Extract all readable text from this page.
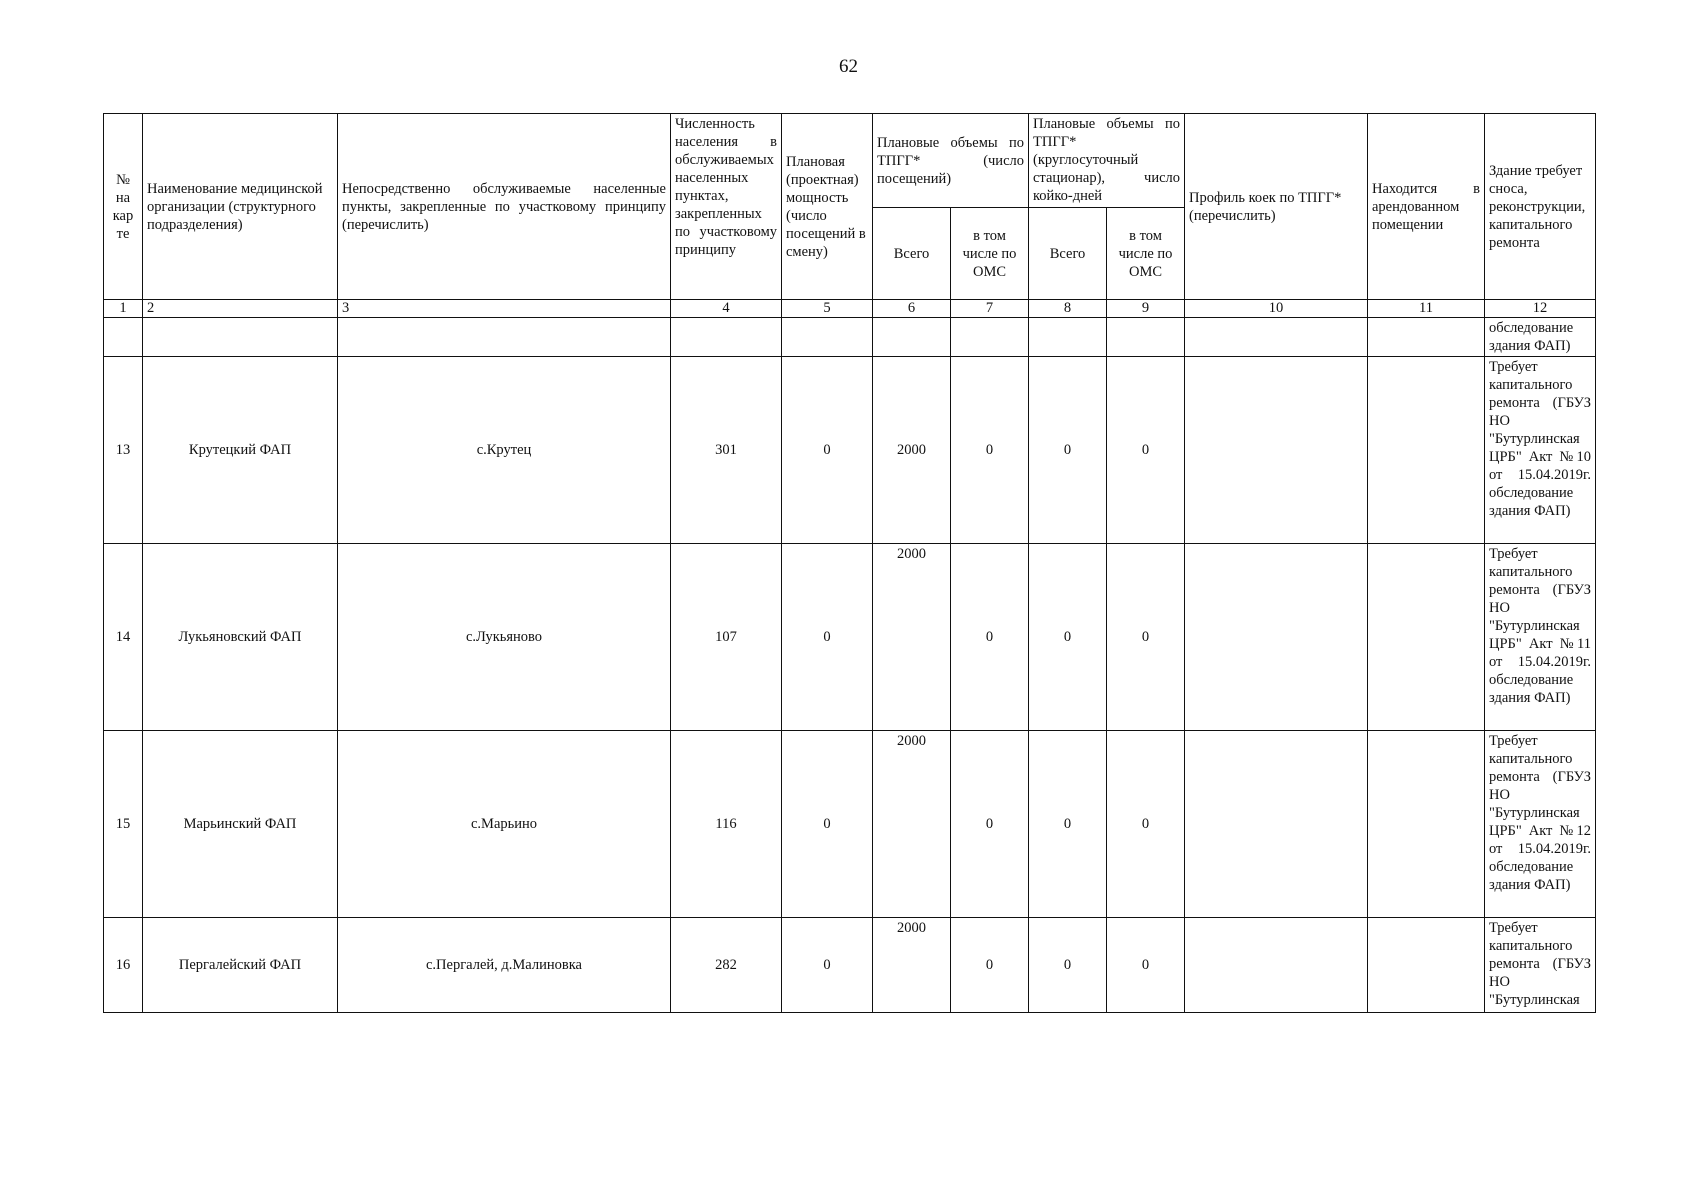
62
№
на
кар
те	Наименование медицинской организации (структурного подразделения)	Непосредственно обслуживаемые населенные пункты, закрепленные по участковому принципу (перечислить)	Численность населения в обслуживаемых населенных пунктах, закрепленных по участковому принципу	Плановая (проектная) мощность (число посещений в смену)	Плановые объемы по ТПГГ* (число посещений)		Плановые объемы по ТПГГ* (круглосуточный стационар), число койко-дней		Профиль коек по ТПГГ* (перечислить)	Находится в арендованном помещении	Здание требует сноса, реконструкции, капитального ремонта
					Всего	в том числе по ОМС	Всего	в том числе по ОМС			
1	2	3	4	5	6	7	8	9	10	11	12
											обследование здания ФАП)
13	Крутецкий ФАП	с.Крутец	301	0	2000	0	0	0			Требует капитального ремонта (ГБУЗ НО "Бутурлинская ЦРБ" Акт №10 от 15.04.2019г. обследование здания ФАП)
14	Лукьяновский ФАП	с.Лукьяново	107	0	2000	0	0	0			Требует капитального ремонта (ГБУЗ НО "Бутурлинская ЦРБ" Акт №11 от 15.04.2019г. обследование здания ФАП)
15	Марьинский ФАП	с.Марьино	116	0	2000	0	0	0			Требует капитального ремонта (ГБУЗ НО "Бутурлинская ЦРБ" Акт №12 от 15.04.2019г. обследование здания ФАП)
16	Пергалейский ФАП	с.Пергалей, д.Малиновка	282	0	2000	0	0	0			Требует капитального ремонта (ГБУЗ НО "Бутурлинская
